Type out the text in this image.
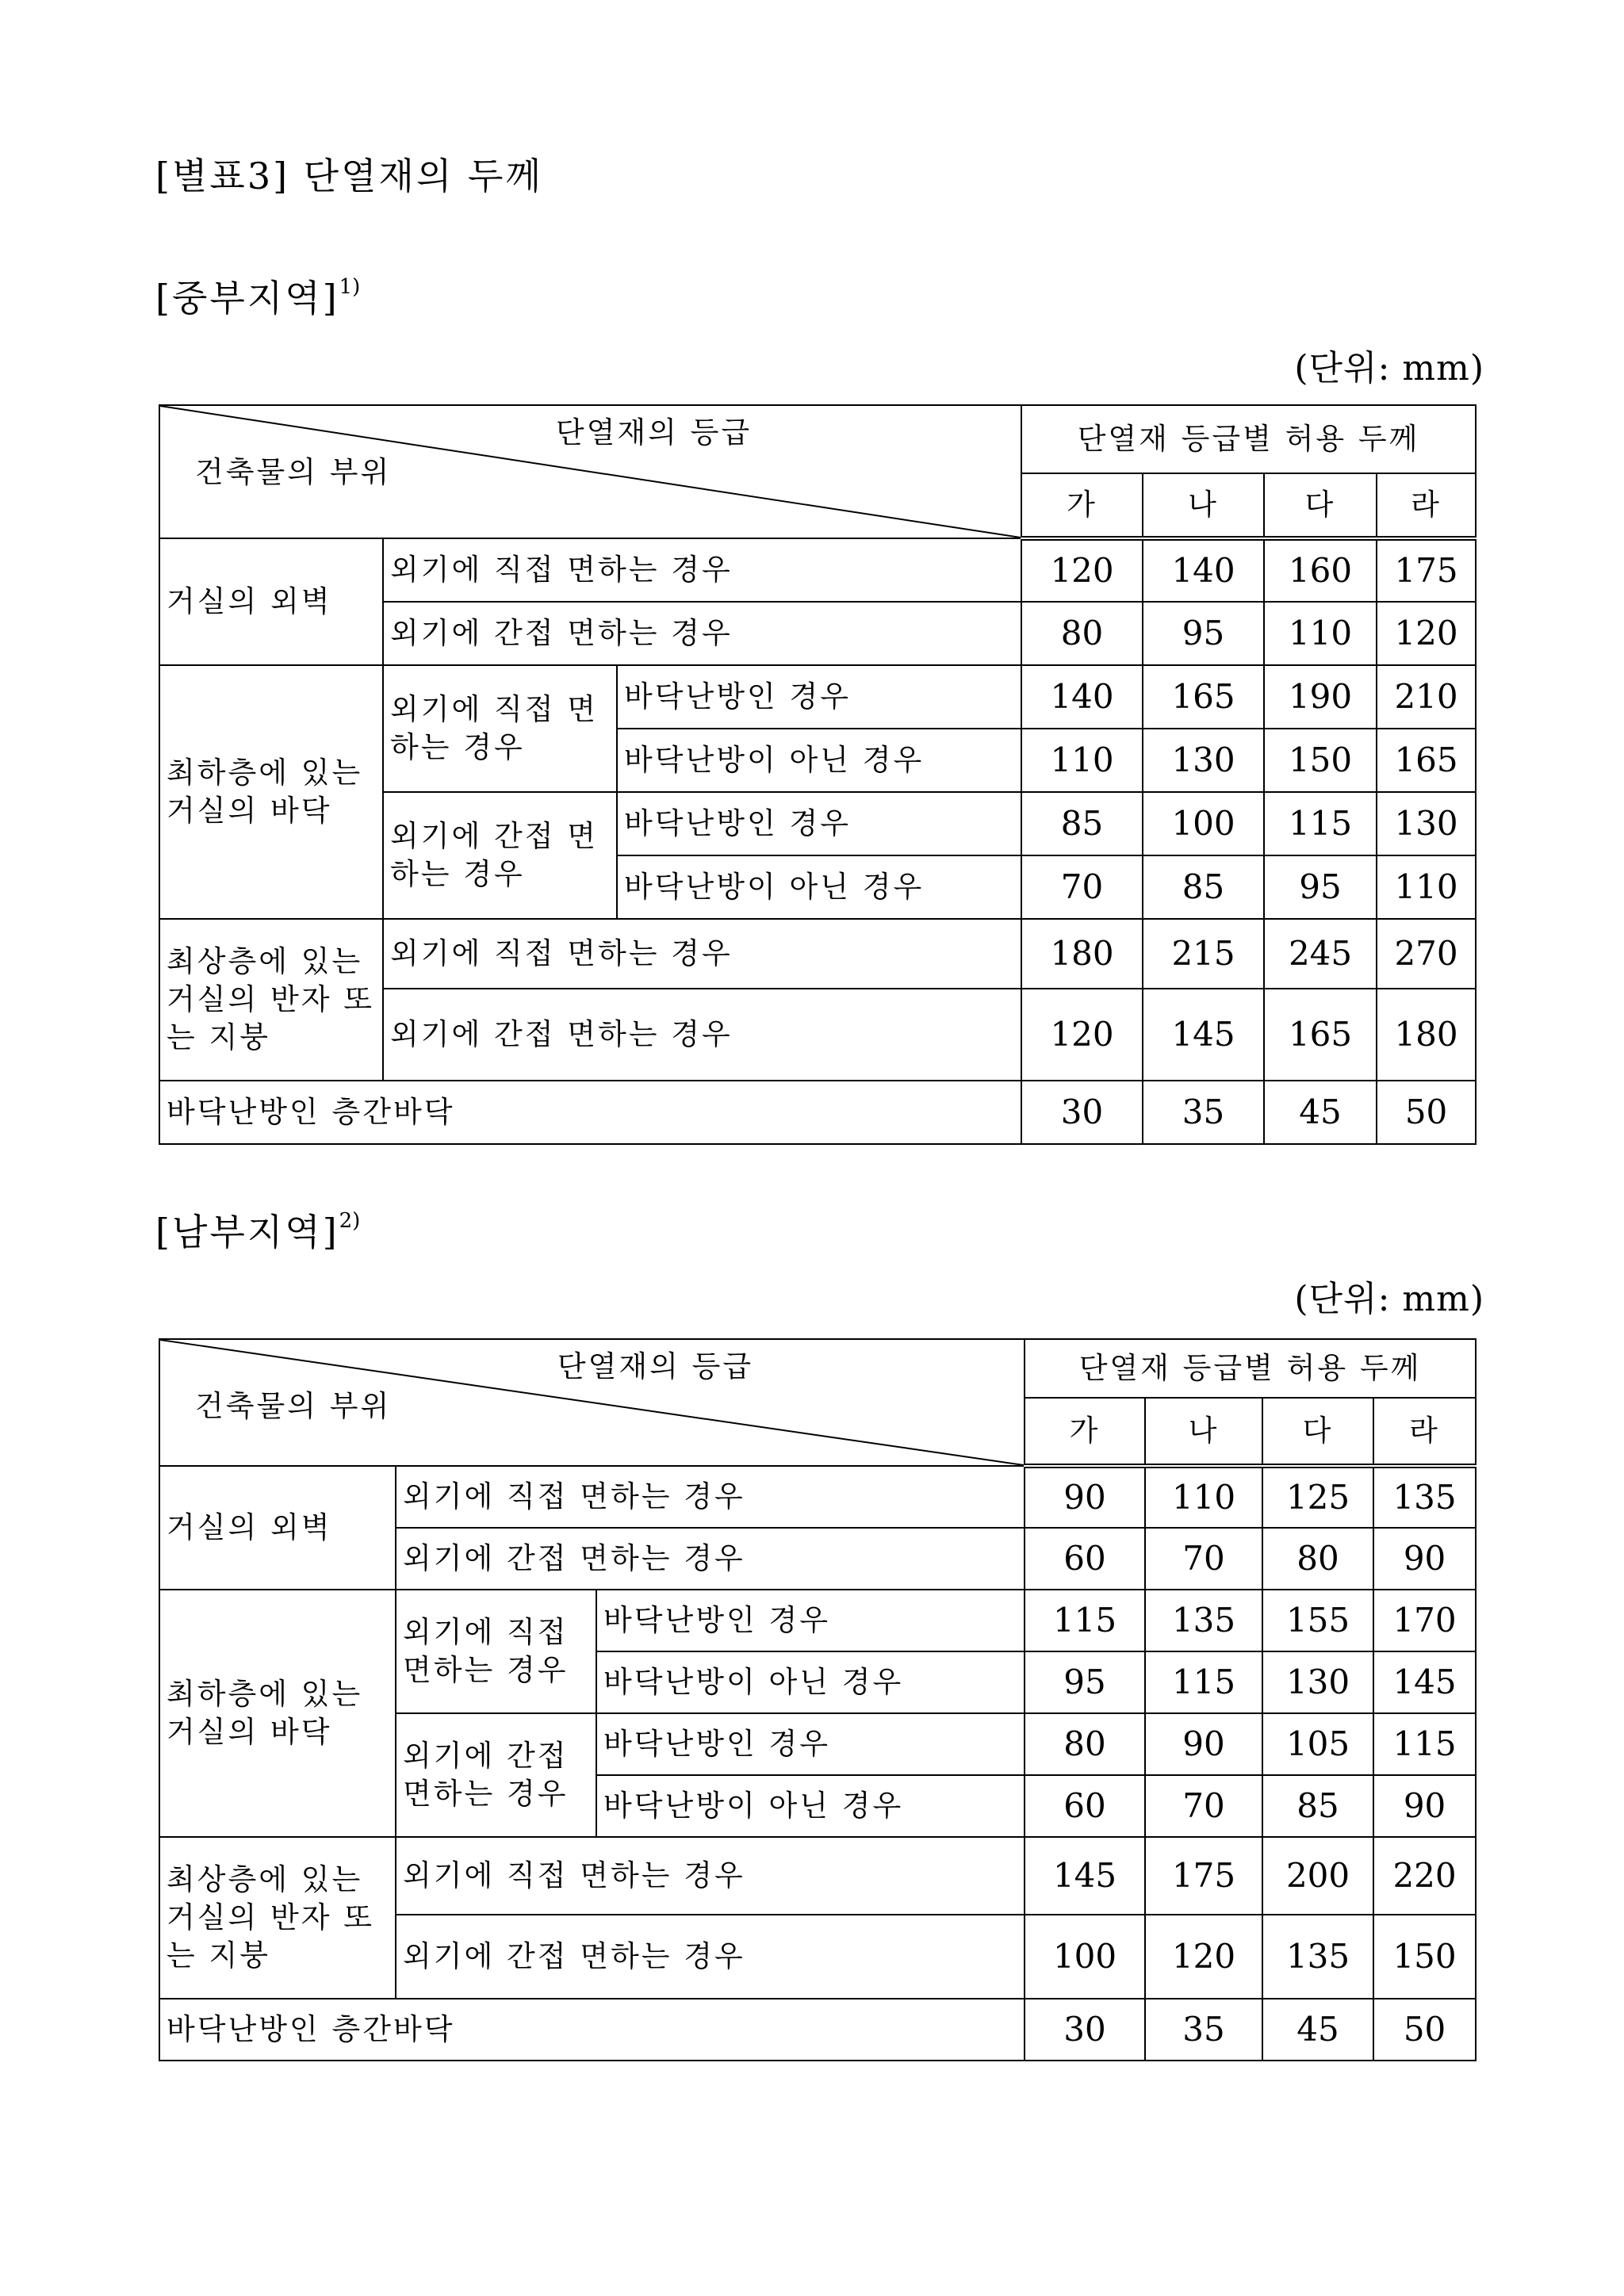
[별표3] 단열재의 두께
[중부지역]$^{1)}$
(단위: mm)
단열재의 등급
건축물의 부위			단열재 등급별 허용 두께			
			가	나	다	라
거실의 외벽	외기에 직접 면하는 경우		120	140	160	175
	외기에 간접 면하는 경우		80	95	110	120
최하층에 있는 거실의 바닥	외기에 직접 면하는 경우	바닥난방인 경우	140	165	190	210
		바닥난방이 아닌 경우	110	130	150	165
	외기에 간접 면하는 경우	바닥난방인 경우	85	100	115	130
		바닥난방이 아닌 경우	70	85	95	110
최상층에 있는 거실의 반자 또는 지붕	외기에 직접 면하는 경우		180	215	245	270
	외기에 간접 면하는 경우		120	145	165	180
바닥난방인 층간바닥			30	35	45	50
[남부지역]$^{2)}$
(단위: mm)
단열재의 등급
건축물의 부위			단열재 등급별 허용 두께			
			가	나	다	라
거실의 외벽	외기에 직접 면하는 경우		90	110	125	135
	외기에 간접 면하는 경우		60	70	80	90
최하층에 있는 거실의 바닥	외기에 직접 면하는 경우	바닥난방인 경우	115	135	155	170
		바닥난방이 아닌 경우	95	115	130	145
	외기에 간접 면하는 경우	바닥난방인 경우	80	90	105	115
		바닥난방이 아닌 경우	60	70	85	90
최상층에 있는 거실의 반자 또는 지붕	외기에 직접 면하는 경우		145	175	200	220
	외기에 간접 면하는 경우		100	120	135	150
바닥난방인 층간바닥			30	35	45	50
